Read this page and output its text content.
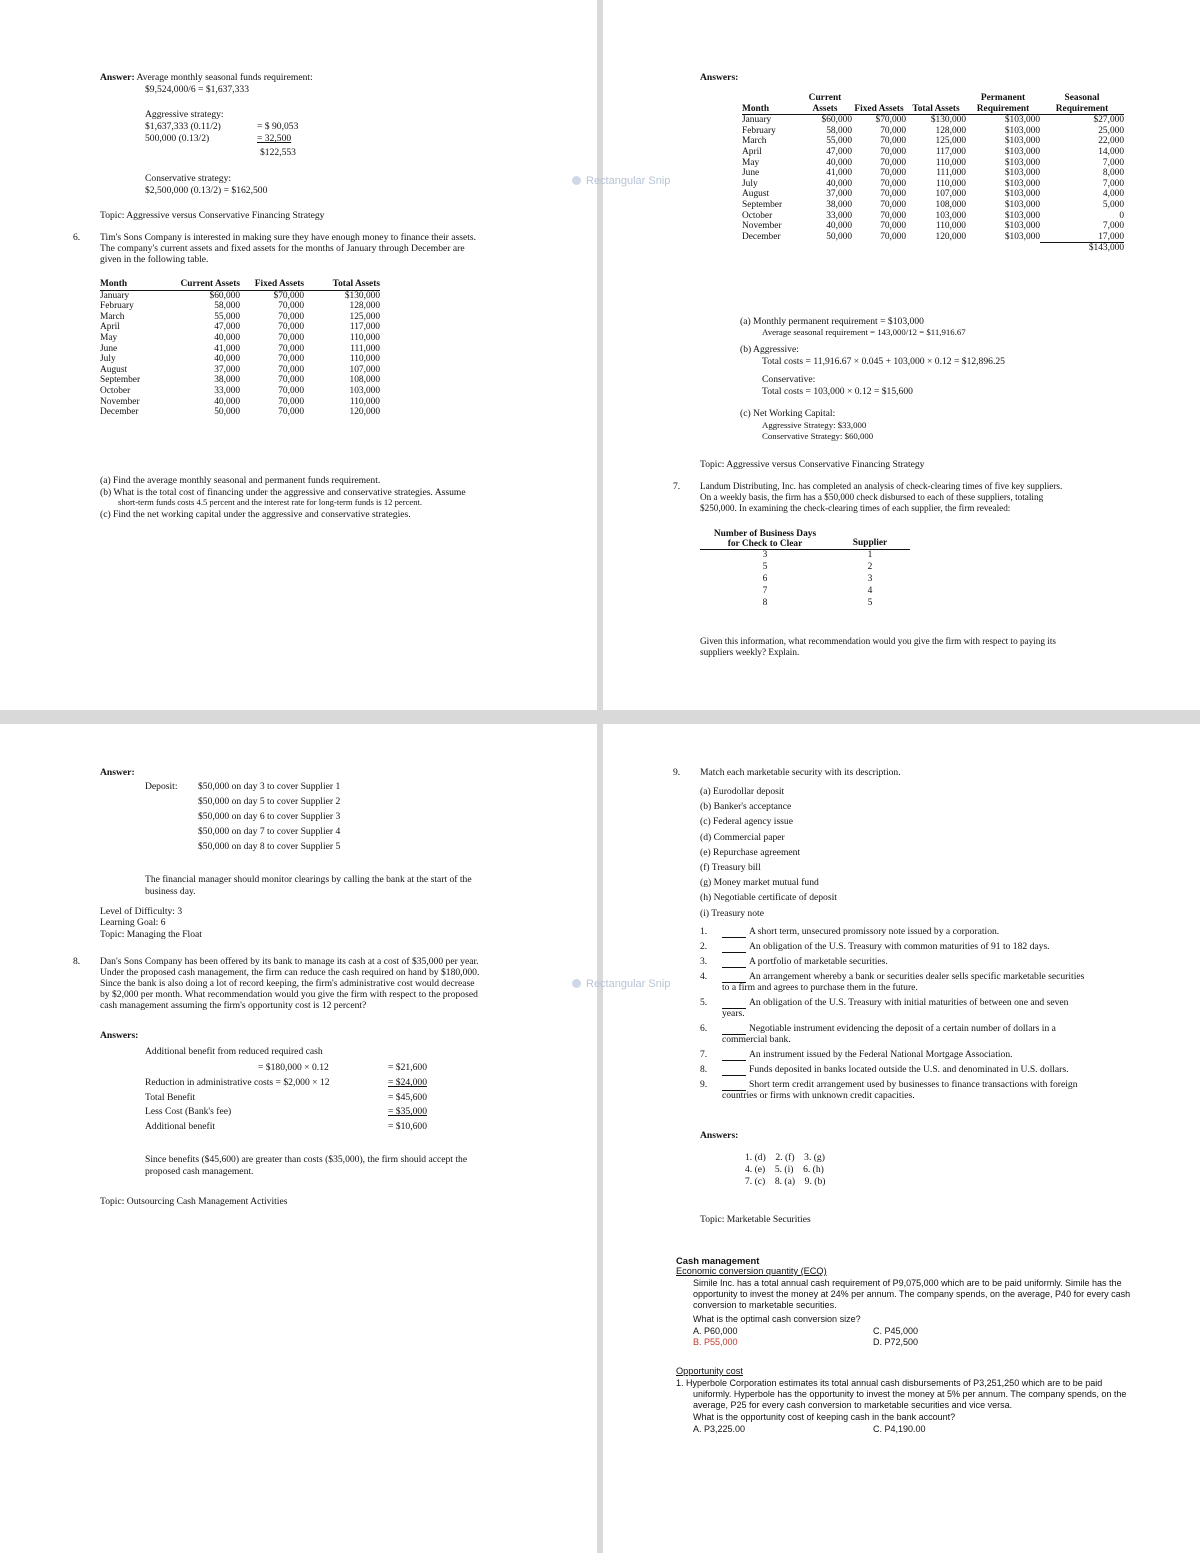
Answer: Average monthly seasonal funds requirement:
$9,524,000/6 = $1,637,333
Aggressive strategy:
$1,637,333 (0.11/2)	= $ 90,053
500,000 (0.13/2)	= 32,500
$122,553
Conservative strategy:
$2,500,000 (0.13/2) = $162,500
Topic: Aggressive versus Conservative Financing Strategy
6. Tim's Sons Company is interested in making sure they have enough money to finance their assets.
The company's current assets and fixed assets for the months of January through December are
given in the following table.
Month	Current Assets	Fixed Assets	Total Assets
January	$60,000	$70,000	$130,000
February	58,000	70,000	128,000
March	55,000	70,000	125,000
April	47,000	70,000	117,000
May	40,000	70,000	110,000
June	41,000	70,000	111,000
July	40,000	70,000	110,000
August	37,000	70,000	107,000
September	38,000	70,000	108,000
October	33,000	70,000	103,000
November	40,000	70,000	110,000
December	50,000	70,000	120,000
(a) Find the average monthly seasonal and permanent funds requirement.
(b) What is the total cost of financing under the aggressive and conservative strategies. Assume
short-term funds costs 4.5 percent and the interest rate for long-term funds is 12 percent.
(c) Find the net working capital under the aggressive and conservative strategies.
Answers:
Month	Current Assets	Fixed Assets	Total Assets	Permanent Requirement	Seasonal Requirement
January	$60,000	$70,000	$130,000	$103,000	$27,000
February	58,000	70,000	128,000	$103,000	25,000
March	55,000	70,000	125,000	$103,000	22,000
April	47,000	70,000	117,000	$103,000	14,000
May	40,000	70,000	110,000	$103,000	7,000
June	41,000	70,000	111,000	$103,000	8,000
July	40,000	70,000	110,000	$103,000	7,000
August	37,000	70,000	107,000	$103,000	4,000
September	38,000	70,000	108,000	$103,000	5,000
October	33,000	70,000	103,000	$103,000	0
November	40,000	70,000	110,000	$103,000	7,000
December	50,000	70,000	120,000	$103,000	17,000
					$143,000
(a) Monthly permanent requirement = $103,000
Average seasonal requirement = 143,000/12 = $11,916.67
(b) Aggressive:
Total costs = 11,916.67 × 0.045 + 103,000 × 0.12 = $12,896.25
Conservative:
Total costs = 103,000 × 0.12 = $15,600
(c) Net Working Capital:
Aggressive Strategy: $33,000
Conservative Strategy: $60,000
Topic: Aggressive versus Conservative Financing Strategy
7. Landum Distributing, Inc. has completed an analysis of check-clearing times of five key suppliers.
On a weekly basis, the firm has a $50,000 check disbursed to each of these suppliers, totaling
$250,000. In examining the check-clearing times of each supplier, the firm revealed:
Number of Business Days
for Check to Clear	Supplier
3	1
5	2
6	3
7	4
8	5
Given this information, what recommendation would you give the firm with respect to paying its
suppliers weekly? Explain.
Answer:
Deposit: $50,000 on day 3 to cover Supplier 1
$50,000 on day 5 to cover Supplier 2
$50,000 on day 6 to cover Supplier 3
$50,000 on day 7 to cover Supplier 4
$50,000 on day 8 to cover Supplier 5
The financial manager should monitor clearings by calling the bank at the start of the
business day.
Level of Difficulty: 3
Learning Goal: 6
Topic: Managing the Float
8. Dan's Sons Company has been offered by its bank to manage its cash at a cost of $35,000 per year.
Under the proposed cash management, the firm can reduce the cash required on hand by $180,000.
Since the bank is also doing a lot of record keeping, the firm's administrative cost would decrease
by $2,000 per month. What recommendation would you give the firm with respect to the proposed
cash management assuming the firm's opportunity cost is 12 percent?
Answers:
Additional benefit from reduced required cash
= $180,000 × 0.12	= $21,600
Reduction in administrative costs = $2,000 × 12	= $24,000
Total Benefit	= $45,600
Less Cost (Bank's fee)	= $35,000
Additional benefit	= $10,600
Since benefits ($45,600) are greater than costs ($35,000), the firm should accept the
proposed cash management.
Topic: Outsourcing Cash Management Activities
9. Match each marketable security with its description.
(a) Eurodollar deposit
(b) Banker's acceptance
(c) Federal agency issue
(d) Commercial paper
(e) Repurchase agreement
(f) Treasury bill
(g) Money market mutual fund
(h) Negotiable certificate of deposit
(i) Treasury note
1.	A short term, unsecured promissory note issued by a corporation.
2.	An obligation of the U.S. Treasury with common maturities of 91 to 182 days.
3.	A portfolio of marketable securities.
4.	An arrangement whereby a bank or securities dealer sells specific marketable securities
to a firm and agrees to purchase them in the future.
5.	An obligation of the U.S. Treasury with initial maturities of between one and seven
years.
6.	Negotiable instrument evidencing the deposit of a certain number of dollars in a
commercial bank.
7.	An instrument issued by the Federal National Mortgage Association.
8.	Funds deposited in banks located outside the U.S. and denominated in U.S. dollars.
9.	Short term credit arrangement used by businesses to finance transactions with foreign
countries or firms with unknown credit capacities.
Answers:
1. (d)    2. (f)    3. (g)
4. (e)    5. (i)    6. (h)
7. (c)    8. (a)    9. (b)
Topic: Marketable Securities
Cash management
Economic conversion quantity (ECQ)
Simile Inc. has a total annual cash requirement of P9,075,000 which are to be paid uniformly. Simile has the
opportunity to invest the money at 24% per annum. The company spends, on the average, P40 for every cash
conversion to marketable securities.
What is the optimal cash conversion size?
A. P60,000
B. P55,000
C. P45,000
D. P72,500
Opportunity cost
1. Hyperbole Corporation estimates its total annual cash disbursements of P3,251,250 which are to be paid
uniformly. Hyperbole has the opportunity to invest the money at 5% per annum. The company spends, on the
average, P25 for every cash conversion to marketable securities and vice versa.
What is the opportunity cost of keeping cash in the bank account?
A. P3,225.00	C. P4,190.00
Rectangular Snip
Rectangular Snip
